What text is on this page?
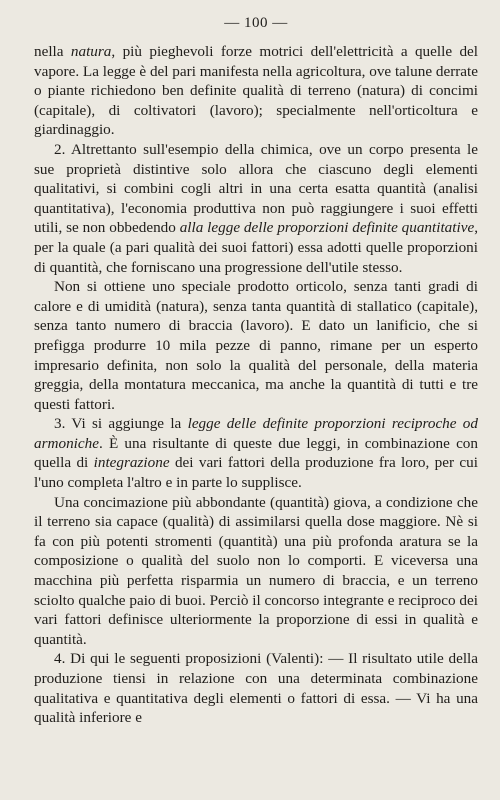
— 100 —

nella natura, più pieghevoli forze motrici dell'elettricità a quelle del vapore. La legge è del pari manifesta nella agricoltura, ove talune derrate o piante richiedono ben definite qualità di terreno (natura) di concimi (capitale), di coltivatori (lavoro); specialmente nell'orticoltura e giardinaggio.

2. Altrettanto sull'esempio della chimica, ove un corpo presenta le sue proprietà distintive solo allora che ciascuno degli elementi qualitativi, si combini cogli altri in una certa esatta quantità (analisi quantitativa), l'economia produttiva non può raggiungere i suoi effetti utili, se non obbedendo alla legge delle proporzioni definite quantitative, per la quale (a pari qualità dei suoi fattori) essa adotti quelle proporzioni di quantità, che forniscano una progressione dell'utile stesso.

Non si ottiene uno speciale prodotto orticolo, senza tanti gradi di calore e di umidità (natura), senza tanta quantità di stallatico (capitale), senza tanto numero di braccia (lavoro). E dato un lanificio, che si prefigga produrre 10 mila pezze di panno, rimane per un esperto impresario definita, non solo la qualità del personale, della materia greggia, della montatura meccanica, ma anche la quantità di tutti e tre questi fattori.

3. Vi si aggiunge la legge delle definite proporzioni reciproche od armoniche. È una risultante di queste due leggi, in combinazione con quella di integrazione dei vari fattori della produzione fra loro, per cui l'uno completa l'altro e in parte lo supplisce.

Una concimazione più abbondante (quantità) giova, a condizione che il terreno sia capace (qualità) di assimilarsi quella dose maggiore. Nè si fa con più potenti stromenti (quantità) una più profonda aratura se la composizione o qualità del suolo non lo comporti. E viceversa una macchina più perfetta risparmia un numero di braccia, e un terreno sciolto qualche paio di buoi. Perciò il concorso integrante e reciproco dei vari fattori definisce ulteriormente la proporzione di essi in qualità e quantità.

4. Di qui le seguenti proposizioni (Valenti): — Il risultato utile della produzione tiensi in relazione con una determinata combinazione qualitativa e quantitativa degli elementi o fattori di essa. — Vi ha una qualità inferiore e
